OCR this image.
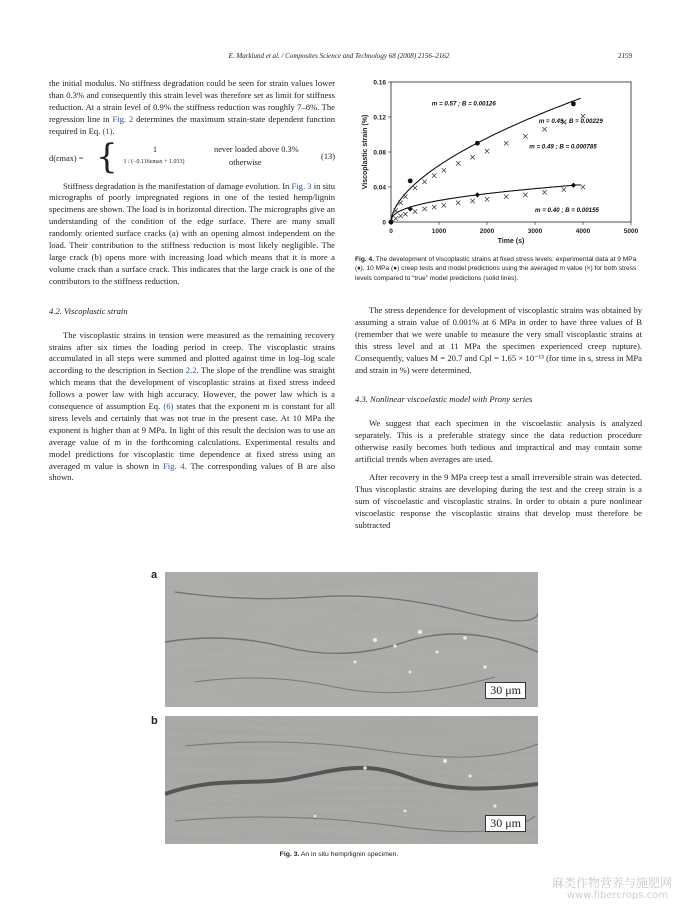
E. Marklund et al. / Composites Science and Technology 68 (2008) 2156–2162	2159

the initial modulus. No stiffness degradation could be seen for strain values lower than 0.3% and consequently this strain level was therefore set as limit for stiffness reduction. At a strain level of 0.9% the stiffness reduction was roughly 7–8%. The regression line in Fig. 2 determines the maximum strain-state dependent function required in Eq. (1).

d(εmax) = {	1	never loaded above 0.3%
1 / (−0.116εmax + 1.033)	otherwise
(13)

Stiffness degradation is the manifestation of damage evolution. In Fig. 3 in situ micrographs of poorly impregnated regions in one of the tested hemp/lignin specimens are shown. The load is in horizontal direction. The micrographs give an understanding of the condition of the edge surface. There are many small randomly oriented surface cracks (a) with an opening almost independent on the load. Their contribution to the stiffness reduction is most likely negligible. The large crack (b) opens more with increasing load which means that it is more a volume crack than a surface crack. This indicates that the large crack is one of the contributors to the stiffness reduction.

4.2. Viscoplastic strain

The viscoplastic strains in tension were measured as the remaining recovery strains after six times the loading period in creep. The viscoplastic strains accumulated in all steps were summed and plotted against time in log–log scale according to the description in Section 2.2. The slope of the trendline was straight which means that the development of viscoplastic strains at fixed stress indeed follows a power law with high accuracy. However, the power law which is a consequence of assumption Eq. (6) states that the exponent m is constant for all stress levels and certainly that was not true in the present case. At 10 MPa the exponent is higher than at 9 MPa. In light of this result the decision was to use an average value of m in the forthcoming calculations. Experimental results and model predictions for viscoplastic time dependence at fixed stress using an averaged m value is shown in Fig. 4. The corresponding values of B are also shown.

0	1000	2000	3000	4000	5000
0
0.04
0.08
0.12
0.16
Time (s)
Viscoplastic strain (%)
m = 0.57 ; B = 0.00126
m = 0.49 ; B = 0.00229
m = 0.49 ; B = 0.000785
m = 0.40 ; B = 0.00155
Fig. 4. The development of viscoplastic strains at fixed stress levels: experimental data at 9 MPa (♦), 10 MPa (●) creep tests and model predictions using the averaged m value (×) for both stress levels compared to “true” model predictions (solid lines).

The stress dependence for development of viscoplastic strains was obtained by assuming a strain value of 0.001% at 6 MPa in order to have three values of B (remember that we were unable to measure the very small viscoplastic strains at this stress level and at 11 MPa the specimen experienced creep rupture). Consequently, values M = 20.7 and Cpl = 1.65 × 10⁻¹³ (for time in s, stress in MPa and strain in %) were determined.

4.3. Nonlinear viscoelastic model with Prony series

We suggest that each specimen in the viscoelastic analysis is analyzed separately. This is a preferable strategy since the data reduction procedure otherwise easily becomes both tedious and impractical and may contain some artificial trends when averages are used.

After recovery in the 9 MPa creep test a small irreversible strain was detected. Thus viscoplastic strains are developing during the test and the creep strain is a sum of viscoelastic and viscoplastic strains. In order to obtain a pure nonlinear viscoelastic response the viscoplastic strains that develop must therefore be subtracted

a
30 μm
b
30 μm
Fig. 3. An in situ hemp/lignin specimen.
麻类作物营养与施肥网
www.fibercrops.com
